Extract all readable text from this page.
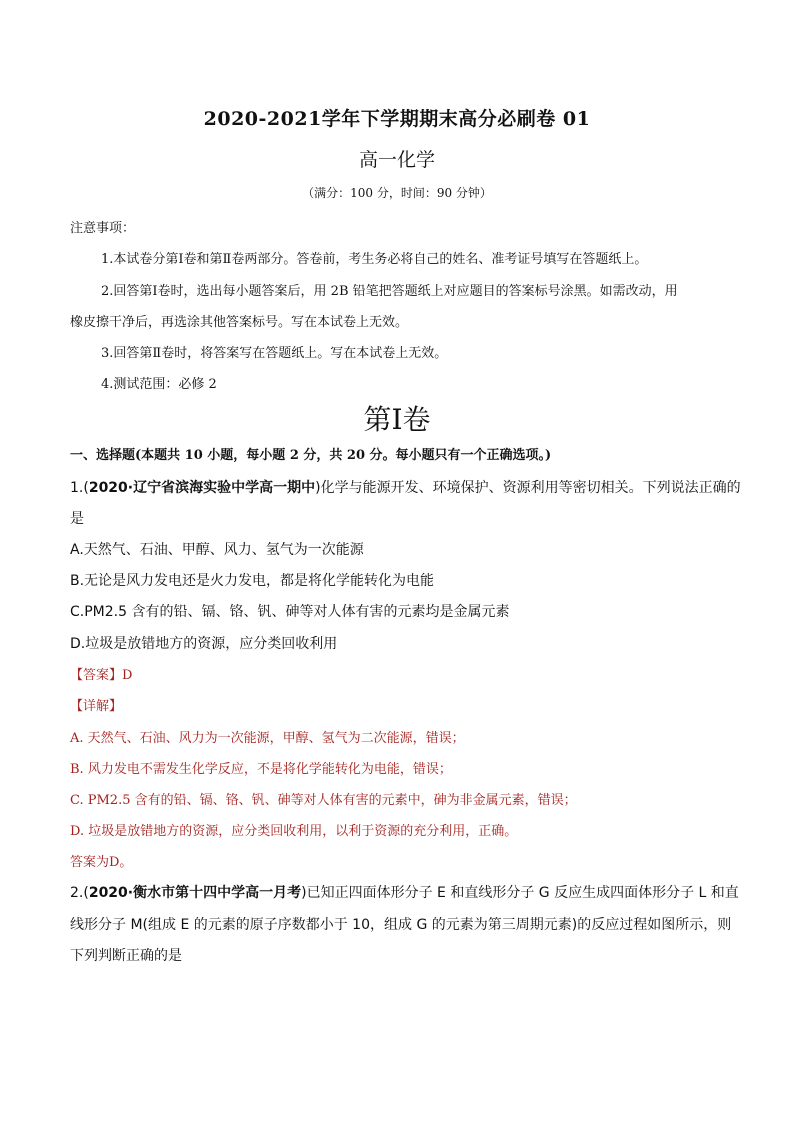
2020-2021学年下学期期末高分必刷卷 01
高一化学
（满分：100 分，时间：90 分钟）
注意事项：
1.本试卷分第Ⅰ卷和第Ⅱ卷两部分。答卷前，考生务必将自己的姓名、准考证号填写在答题纸上。
2.回答第Ⅰ卷时，选出每小题答案后，用 2B 铅笔把答题纸上对应题目的答案标号涂黑。如需改动，用
橡皮擦干净后，再选涂其他答案标号。写在本试卷上无效。
3.回答第Ⅱ卷时，将答案写在答题纸上。写在本试卷上无效。
4.测试范围：必修 2
第Ⅰ卷
一、选择题(本题共 10 小题，每小题 2 分，共 20 分。每小题只有一个正确选项。)
1.(2020·辽宁省滨海实验中学高一期中)化学与能源开发、环境保护、资源利用等密切相关。下列说法正确的
是
A.天然气、石油、甲醇、风力、氢气为一次能源
B.无论是风力发电还是火力发电，都是将化学能转化为电能
C.PM2.5 含有的铅、镉、铬、钒、砷等对人体有害的元素均是金属元素
D.垃圾是放错地方的资源，应分类回收利用
【答案】D
【详解】
A. 天然气、石油、风力为一次能源，甲醇、氢气为二次能源，错误；
B. 风力发电不需发生化学反应，不是将化学能转化为电能，错误；
C. PM2.5 含有的铅、镉、铬、钒、砷等对人体有害的元素中，砷为非金属元素，错误；
D. 垃圾是放错地方的资源，应分类回收利用，以利于资源的充分利用，正确。
答案为D。
2.(2020·衡水市第十四中学高一月考)已知正四面体形分子 E 和直线形分子 G 反应生成四面体形分子 L 和直
线形分子 M(组成 E 的元素的原子序数都小于 10，组成 G 的元素为第三周期元素)的反应过程如图所示，则
下列判断正确的是
